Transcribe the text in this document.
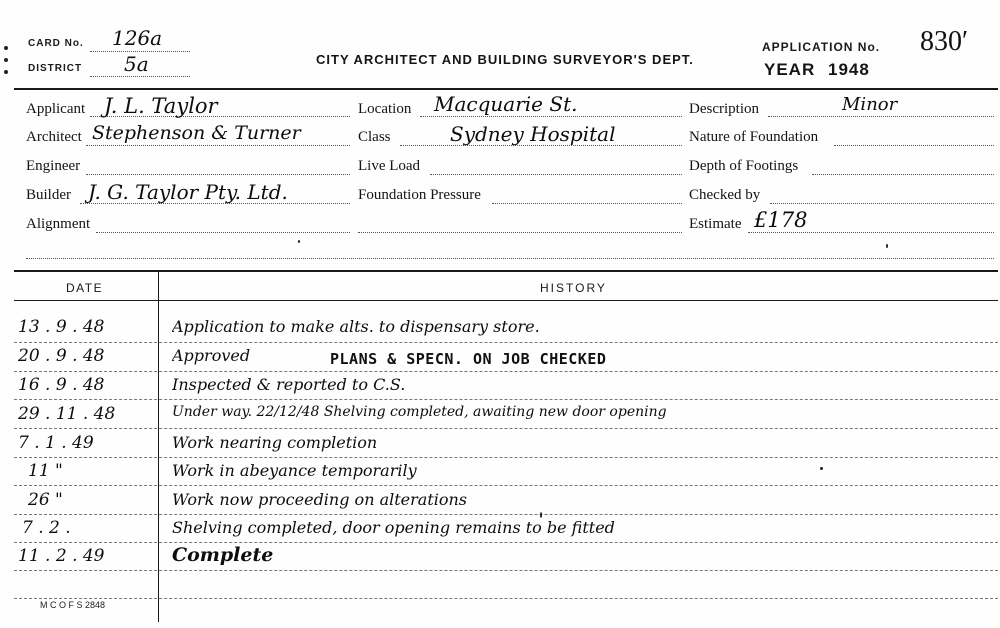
CARD No. 126a
DISTRICT 5a	CITY ARCHITECT AND BUILDING SURVEYOR'S DEPT.
APPLICATION No. 830′
YEAR 1948
Applicant J. L. Taylor
Architect Stephenson & Turner
Engineer
Builder J. G. Taylor Pty. Ltd.
Alignment
Location Macquarie St.
Class	Sydney Hospital
Live Load
Foundation Pressure
Description	Minor
Nature of Foundation
Depth of Footings
Checked by
Estimate £178
DATE	HISTORY
13 . 9 . 48	Application to make alts. to dispensary store.
20 . 9 . 48	Approved	PLANS & SPECN. ON JOB CHECKED
16 . 9 . 48	Inspected & reported to C.S.
29 . 11 . 48	Under way. 22/12/48 Shelving completed, awaiting new door opening
7 . 1 . 49	Work nearing completion
11 "	Work in abeyance temporarily
26 "	Work now proceeding on alterations
7 . 2 .	Shelving completed, door opening remains to be fitted
11 . 2 . 49	Complete
M C O F S 2848
